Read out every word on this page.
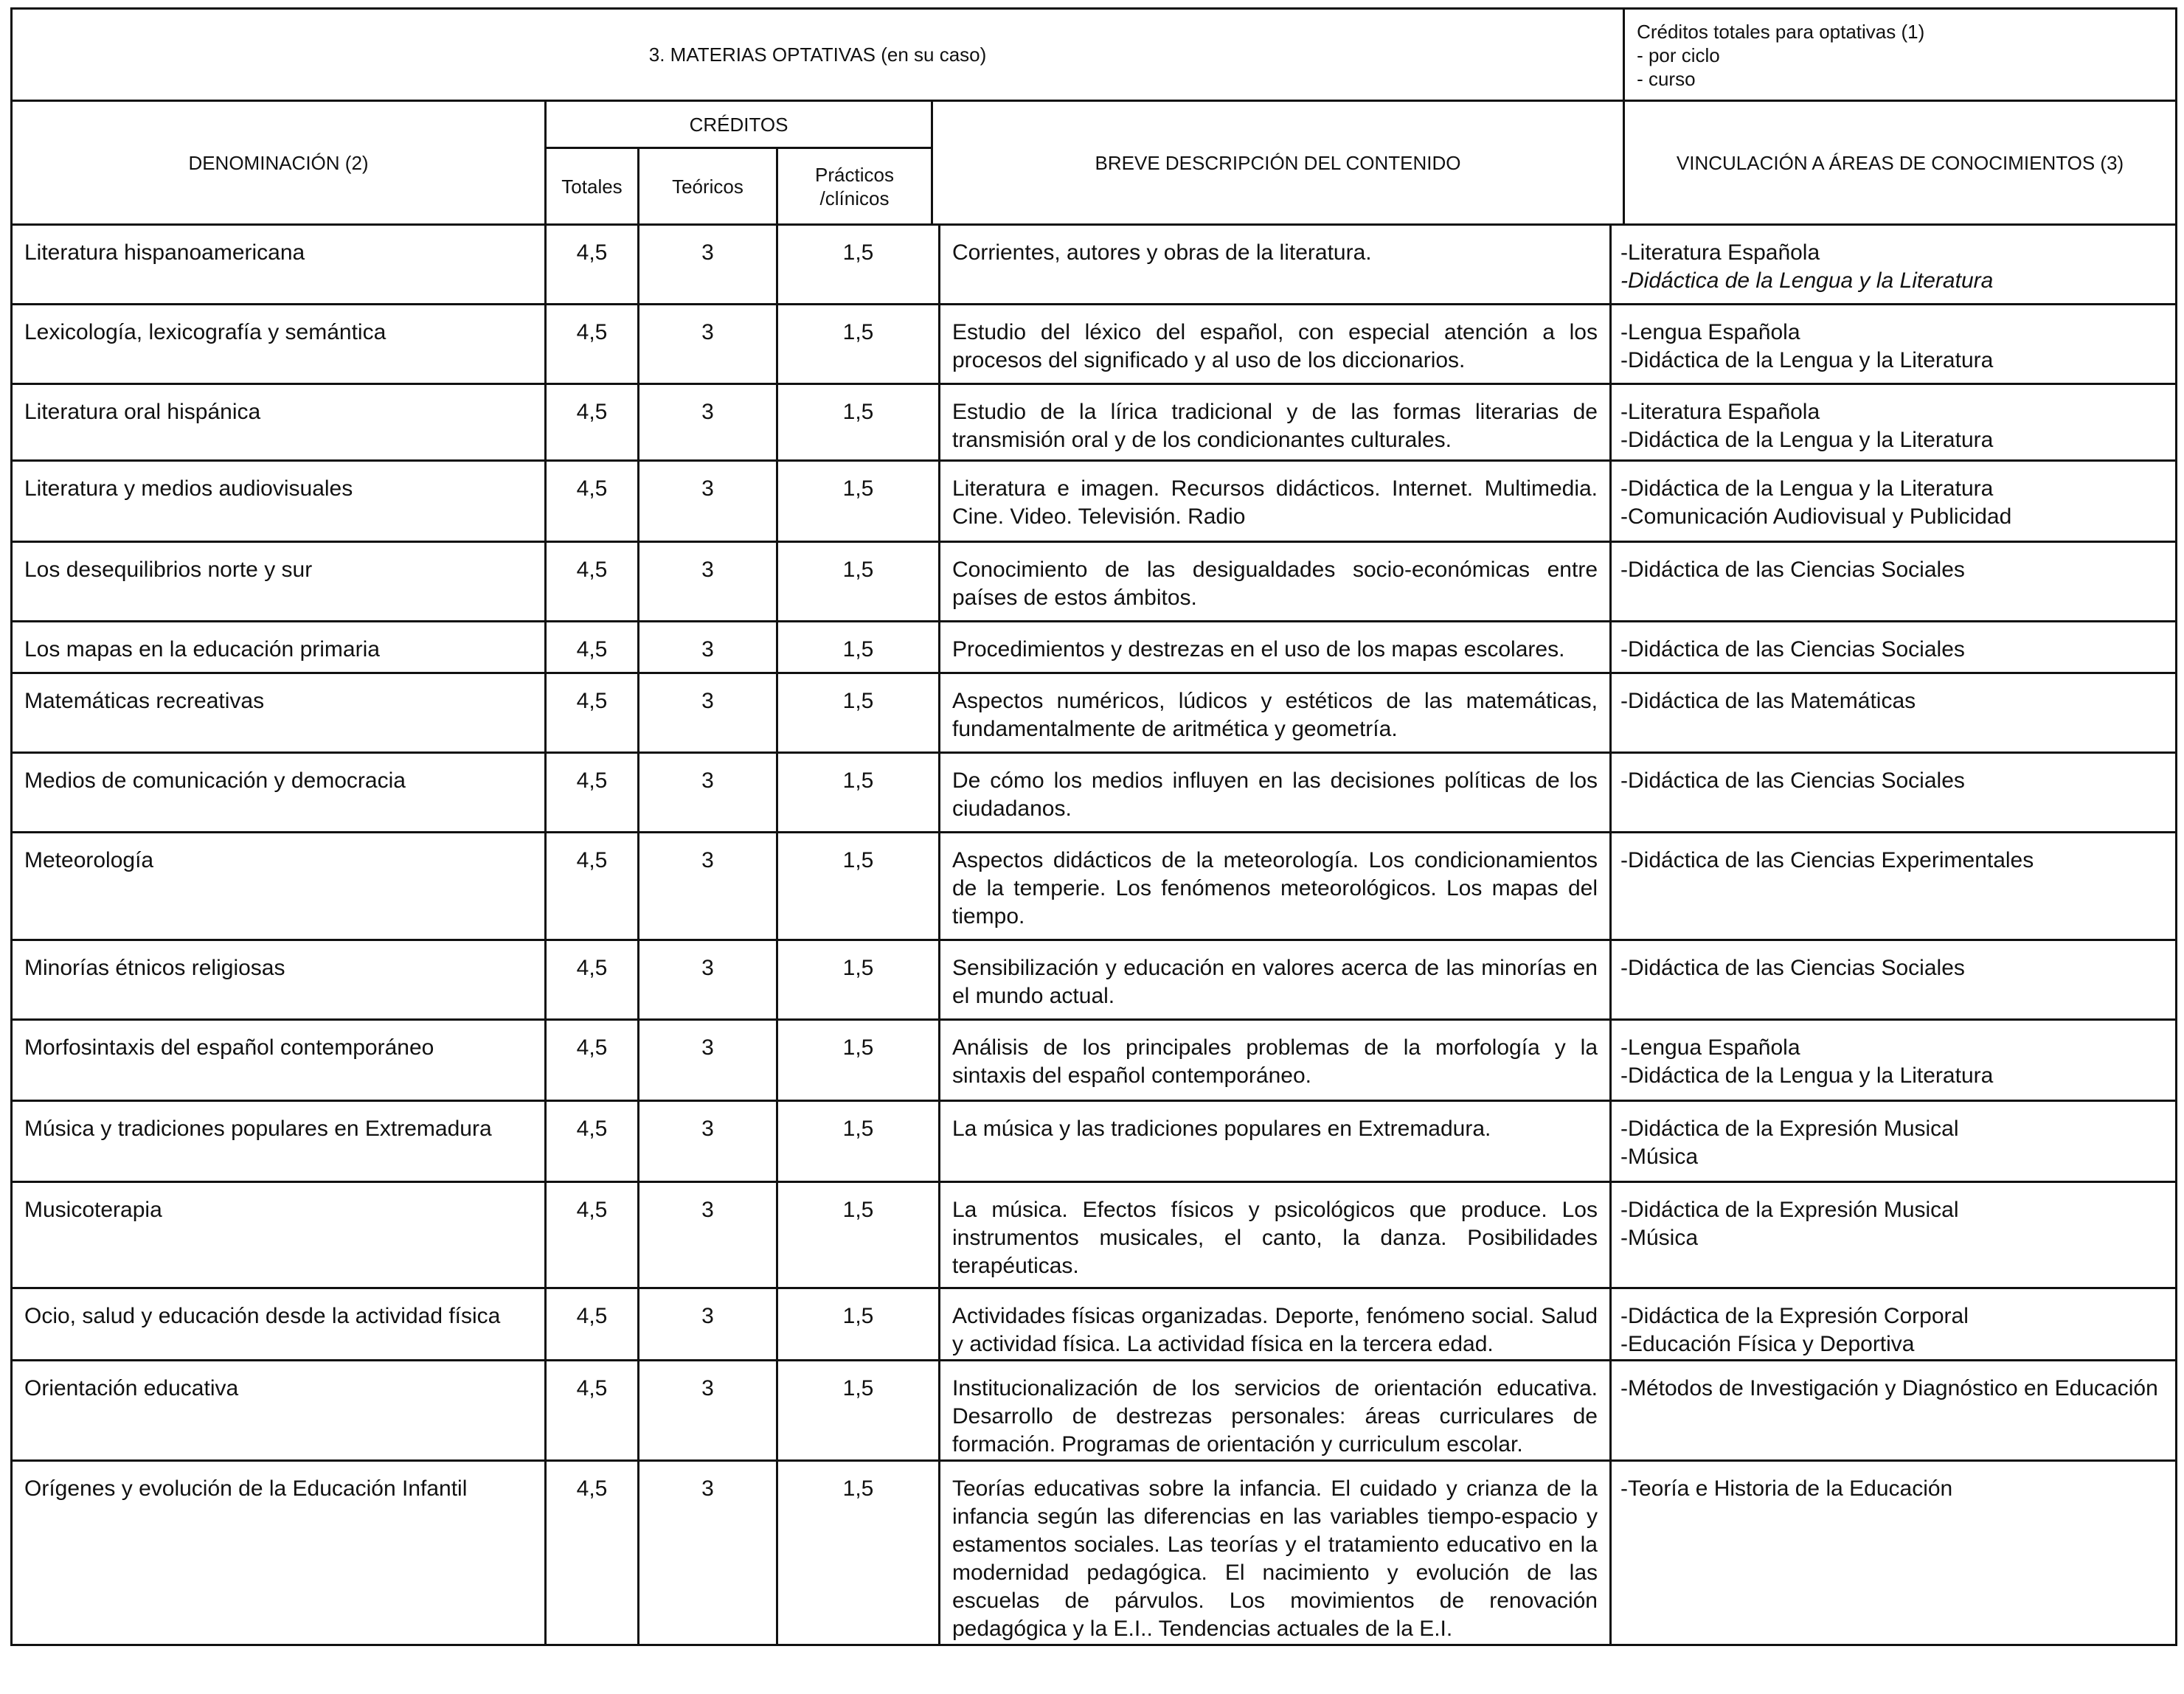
3. MATERIAS OPTATIVAS (en su caso)					Créditos totales para optativas (1)
- por ciclo
- curso

DENOMINACIÓN (2)	CRÉDITOS			BREVE DESCRIPCIÓN DEL CONTENIDO	VINCULACIÓN A ÁREAS DE CONOCIMIENTOS (3)
	Totales	Teóricos	Prácticos /clínicos		
Literatura hispanoamericana	4,5	3	1,5	Corrientes, autores y obras de la literatura.	-Literatura Española
-Didáctica de la Lengua y la Literatura

Lexicología, lexicografía y semántica	4,5	3	1,5	Estudio del léxico del español, con especial atención a los procesos del significado y al uso de los diccionarios.	-Lengua Española
-Didáctica de la Lengua y la Literatura

Literatura oral hispánica	4,5	3	1,5	Estudio de la lírica tradicional y de las formas literarias de transmisión oral y de los condicionantes culturales.	-Literatura Española
-Didáctica de la Lengua y la Literatura

Literatura y medios audiovisuales	4,5	3	1,5	Literatura e imagen. Recursos didácticos. Internet. Multimedia. Cine. Video. Televisión. Radio	-Didáctica de la Lengua y la Literatura
-Comunicación Audiovisual y Publicidad

Los desequilibrios norte y sur	4,5	3	1,5	Conocimiento de las desigualdades socio-económicas entre países de estos ámbitos.	-Didáctica de las Ciencias Sociales

Los mapas en la educación primaria	4,5	3	1,5	Procedimientos y destrezas en el uso de los mapas escolares.	-Didáctica de las Ciencias Sociales

Matemáticas recreativas	4,5	3	1,5	Aspectos numéricos, lúdicos y estéticos de las matemáticas, fundamentalmente de aritmética y geometría.	-Didáctica de las Matemáticas

Medios de comunicación y democracia	4,5	3	1,5	De cómo los medios influyen en las decisiones políticas de los ciudadanos.	-Didáctica de las Ciencias Sociales

Meteorología	4,5	3	1,5	Aspectos didácticos de la meteorología. Los condicionamientos de la temperie. Los fenómenos meteorológicos. Los mapas del tiempo.	-Didáctica de las Ciencias Experimentales

Minorías étnicos religiosas	4,5	3	1,5	Sensibilización y educación en valores acerca de las minorías en el mundo actual.	-Didáctica de las Ciencias Sociales

Morfosintaxis del español contemporáneo	4,5	3	1,5	Análisis de los principales problemas de la morfología y la sintaxis del español contemporáneo.	-Lengua Española
-Didáctica de la Lengua y la Literatura

Música y tradiciones populares en Extremadura	4,5	3	1,5	La música y las tradiciones populares en Extremadura.	-Didáctica de la Expresión Musical
-Música

Musicoterapia	4,5	3	1,5	La música. Efectos físicos y psicológicos que produce. Los instrumentos musicales, el canto, la danza. Posibilidades terapéuticas.	-Didáctica de la Expresión Musical
-Música

Ocio, salud y educación desde la actividad física	4,5	3	1,5	Actividades físicas organizadas. Deporte, fenómeno social. Salud y actividad física. La actividad física en la tercera edad.	-Didáctica de la Expresión Corporal
-Educación Física y Deportiva

Orientación educativa	4,5	3	1,5	Institucionalización de los servicios de orientación educativa. Desarrollo de destrezas personales: áreas curriculares de formación. Programas de orientación y curriculum escolar.	-Métodos de Investigación y Diagnóstico en Educación

Orígenes y evolución de la Educación Infantil	4,5	3	1,5	Teorías educativas sobre la infancia. El cuidado y crianza de la infancia según las diferencias en las variables tiempo-espacio y estamentos sociales. Las teorías y el tratamiento educativo en la modernidad pedagógica. El nacimiento y evolución de las escuelas de párvulos. Los movimientos de renovación pedagógica y la E.I.. Tendencias actuales de la E.I.	-Teoría e Historia de la Educación
